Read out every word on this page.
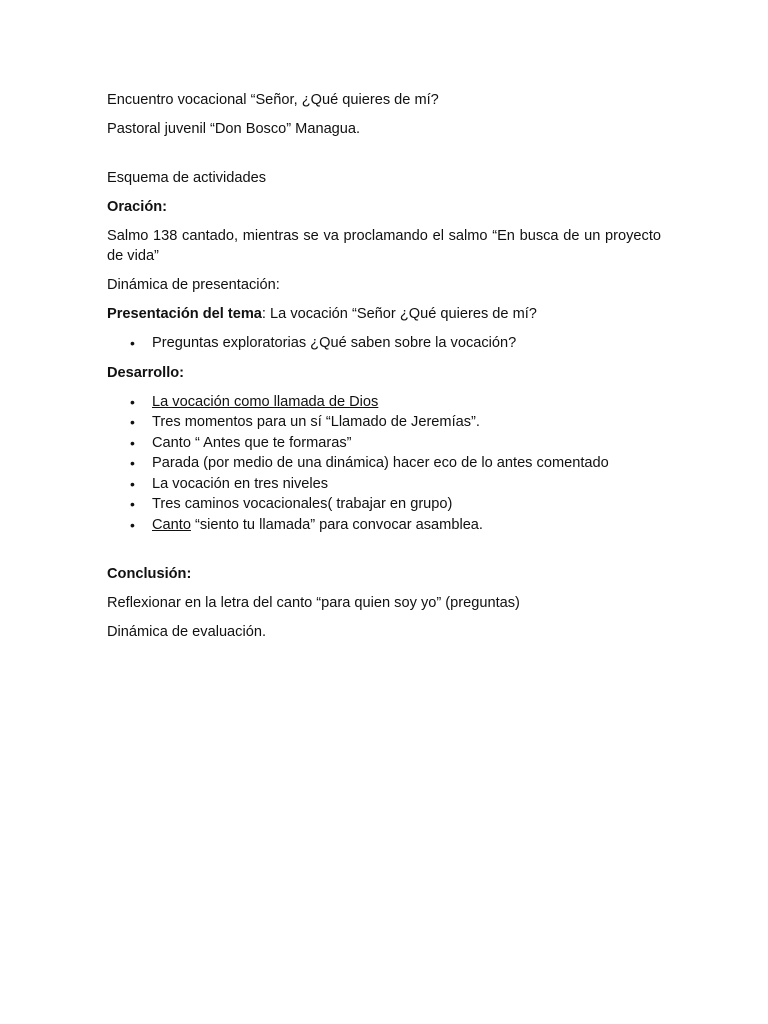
Encuentro vocacional “Señor, ¿Qué quieres de mí?

Pastoral juvenil “Don Bosco” Managua.

Esquema de actividades

Oración:

Salmo 138 cantado, mientras se va proclamando el salmo “En busca de un proyecto de vida”

Dinámica de presentación:

Presentación del tema: La vocación “Señor ¿Qué quieres de mí?

• Preguntas exploratorias ¿Qué saben sobre la vocación?

Desarrollo:

• La vocación como llamada de Dios
• Tres momentos para un sí “Llamado de Jeremías”.
• Canto “ Antes que te formaras”
• Parada (por medio de una dinámica) hacer eco de lo antes comentado
• La vocación en tres niveles
• Tres caminos vocacionales( trabajar en grupo)
• Canto “siento tu llamada” para convocar asamblea.

Conclusión:

Reflexionar en la letra del canto “para quien soy yo” (preguntas)

Dinámica de evaluación.
